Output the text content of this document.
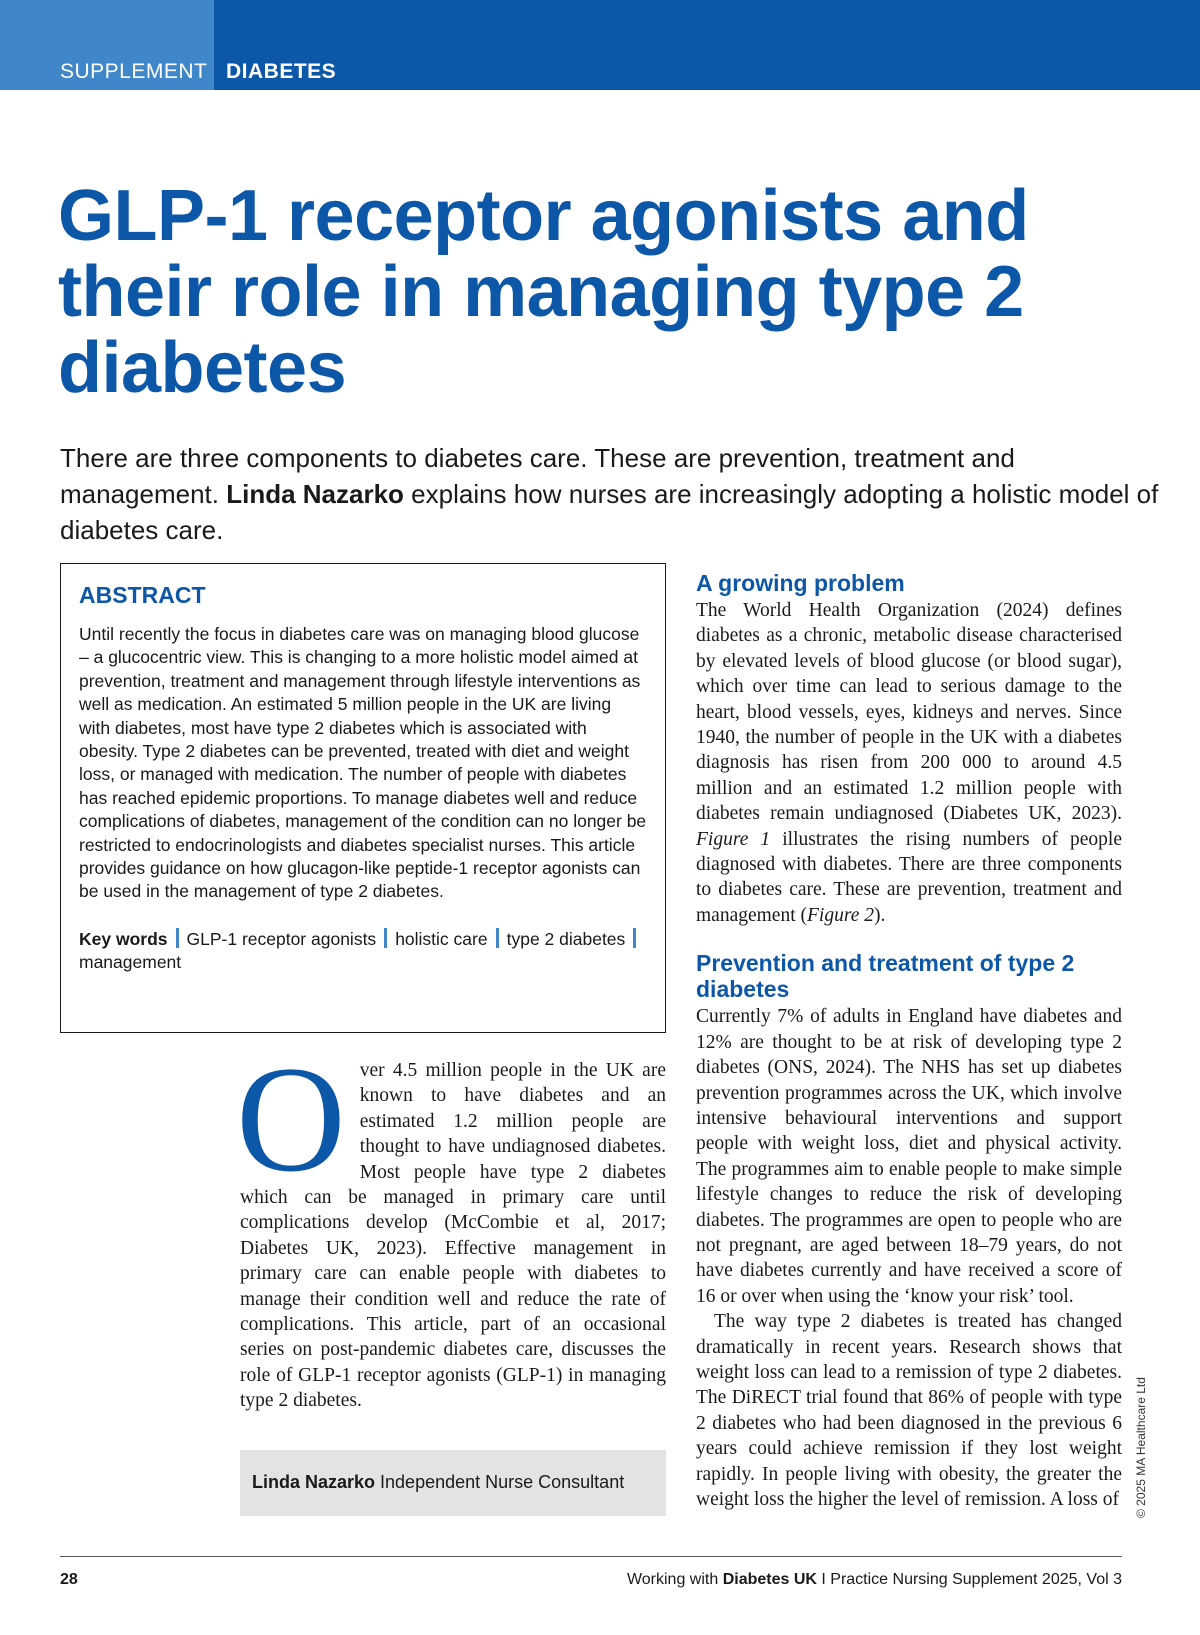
SUPPLEMENT DIABETES
GLP-1 receptor agonists and their role in managing type 2 diabetes

There are three components to diabetes care. These are prevention, treatment and management. Linda Nazarko explains how nurses are increasingly adopting a holistic model of diabetes care.

ABSTRACT

Until recently the focus in diabetes care was on managing blood glucose – a glucocentric view. This is changing to a more holistic model aimed at prevention, treatment and management through lifestyle interventions as well as medication. An estimated 5 million people in the UK are living with diabetes, most have type 2 diabetes which is associated with obesity. Type 2 diabetes can be prevented, treated with diet and weight loss, or managed with medication. The number of people with diabetes has reached epidemic proportions. To manage diabetes well and reduce complications of diabetes, management of the condition can no longer be restricted to endocrinologists and diabetes specialist nurses. This article provides guidance on how glucagon-like peptide-1 receptor agonists can be used in the management of type 2 diabetes.

Key words GLP-1 receptor agonists holistic care type 2 diabetesmanagement

Over 4.5 million people in the UK are known to have diabetes and an estimated 1.2 million people are thought to have undiagnosed diabetes. Most people have type 2 diabetes which can be managed in primary care until complications develop (McCombie et al, 2017; Diabetes UK, 2023). Effective management in primary care can enable people with diabetes to manage their condition well and reduce the rate of complications. This article, part of an occasional series on post-pandemic diabetes care, discusses the role of GLP-1 receptor agonists (GLP-1) in managing type 2 diabetes.
Linda Nazarko Independent Nurse Consultant
A growing problem

The World Health Organization (2024) defines diabetes as a chronic, metabolic disease characterised by elevated levels of blood glucose (or blood sugar), which over time can lead to serious damage to the heart, blood vessels, eyes, kidneys and nerves. Since 1940, the number of people in the UK with a diabetes diagnosis has risen from 200 000 to around 4.5 million and an estimated 1.2 million people with diabetes remain undiagnosed (Diabetes UK, 2023). Figure 1 illustrates the rising numbers of people diagnosed with diabetes. There are three components to diabetes care. These are prevention, treatment and management (Figure 2).

Prevention and treatment of type 2 diabetes

Currently 7% of adults in England have diabetes and 12% are thought to be at risk of developing type 2 diabetes (ONS, 2024). The NHS has set up diabetes prevention programmes across the UK, which involve intensive behavioural interventions and support people with weight loss, diet and physical activity. The programmes aim to enable people to make simple lifestyle changes to reduce the risk of developing diabetes. The programmes are open to people who are not pregnant, are aged between 18–79 years, do not have diabetes currently and have received a score of 16 or over when using the ‘know your risk’ tool.

The way type 2 diabetes is treated has changed dramatically in recent years. Research shows that weight loss can lead to a remission of type 2 diabetes. The DiRECT trial found that 86% of people with type 2 diabetes who had been diagnosed in the previous 6 years could achieve remission if they lost weight rapidly. In people living with obesity, the greater the weight loss the higher the level of remission. A loss of © 2025 MA Healthcare Ltd
28	Working with Diabetes UK I Practice Nursing Supplement 2025, Vol 3
